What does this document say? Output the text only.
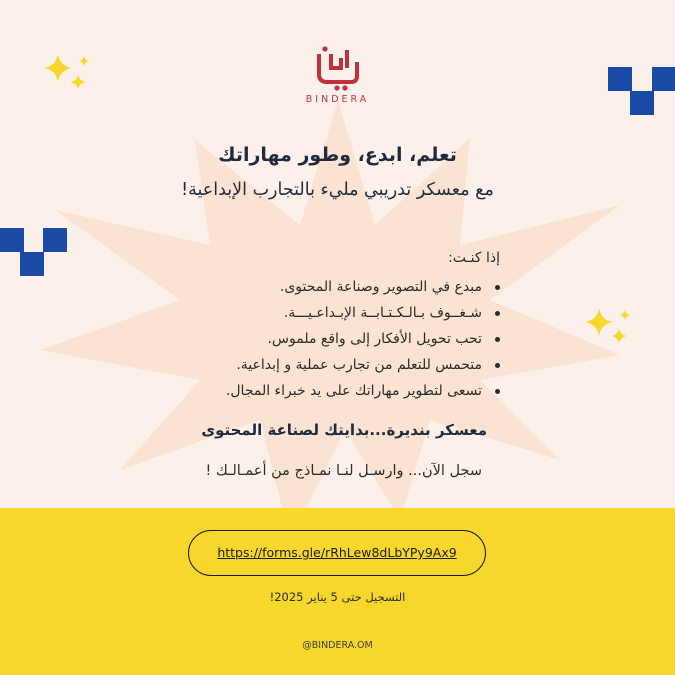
BINDERA
تعلم، ابدع، وطور مهاراتك
مع معسكر تدريبي مليء بالتجارب الإبداعية!
إذا كنـت:
مبدع في التصوير وصناعة المحتوى.
شـغــوف بـالـكـتـابــة الإبـداعـيـــة.
تحب تحويل الأفكار إلى واقع ملموس.
متحمس للتعلم من تجارب عملية و إبداعية.
تسعى لتطوير مهاراتك على يد خبراء المجال.
معسكر بنديرة...بدايتك لصناعة المحتوى
سجل الآن... وارسـل لنـا نمـاذج من أعمـالـك !
https://forms.gle/rRhLew8dLbYPy9Ax9
التسجيل حتى 5 يناير 2025!
@BINDERA.OM
